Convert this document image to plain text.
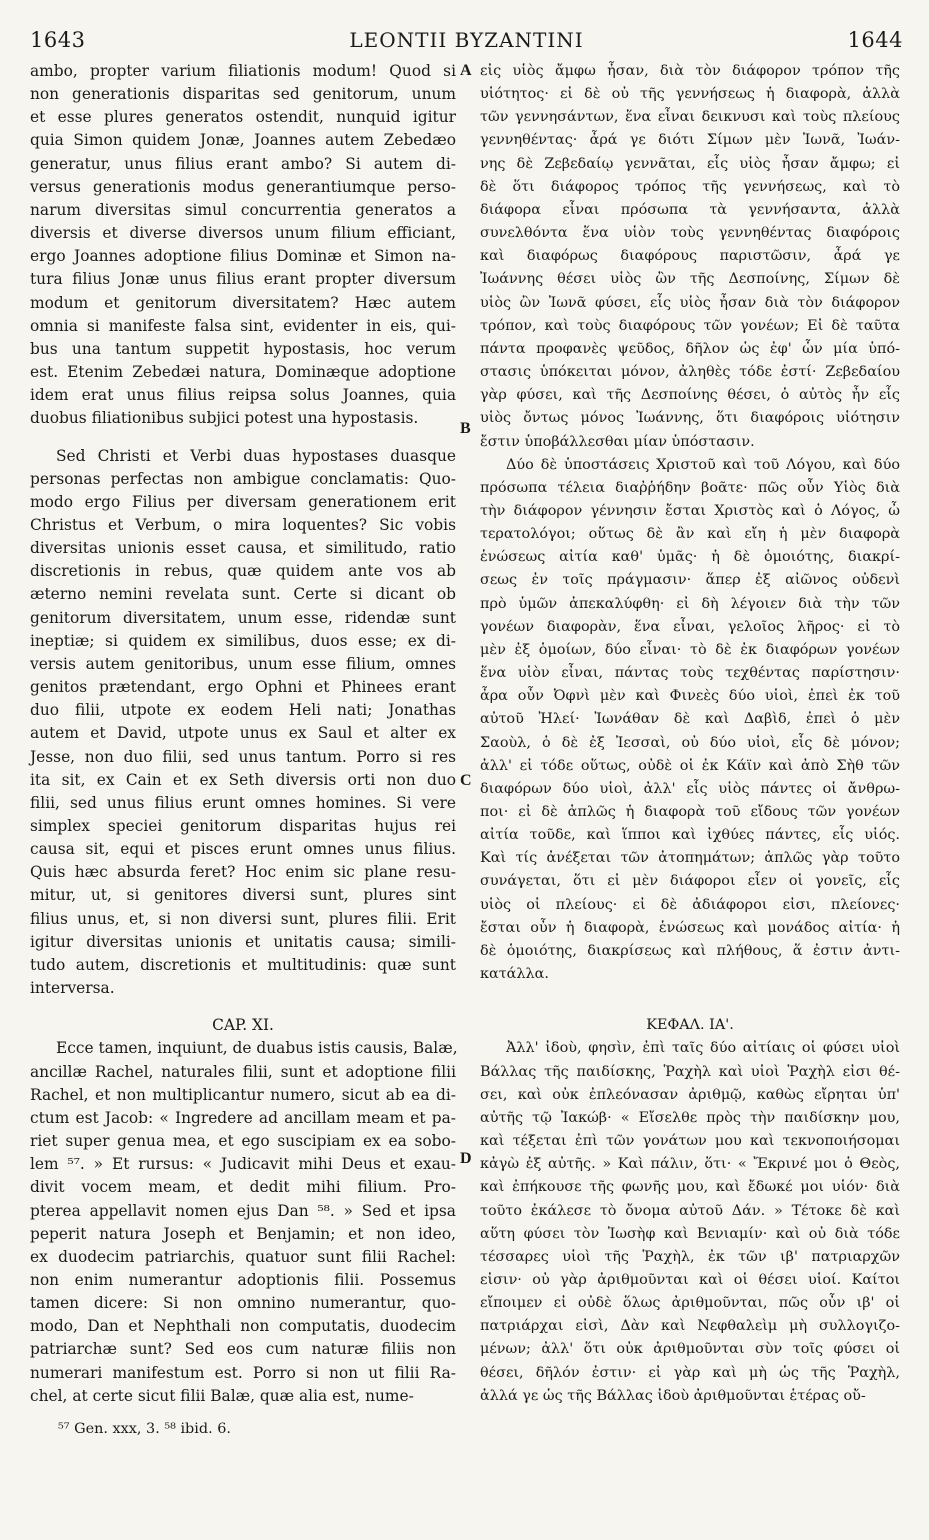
1643	LEONTII BYZANTINI	1644
A
B
C
D
ambo, propter varium filiationis modum! Quod si
non generationis disparitas sed genitorum, unum
et esse plures generatos ostendit, nunquid igitur
quia Simon quidem Jonæ, Joannes autem Zebedæo
generatur, unus filius erant ambo? Si autem di-
versus generationis modus generantiumque perso-
narum diversitas simul concurrentia generatos a
diversis et diverse diversos unum filium efficiant,
ergo Joannes adoptione filius Dominæ et Simon na-
tura filius Jonæ unus filius erant propter diversum
modum et genitorum diversitatem? Hæc autem
omnia si manifeste falsa sint, evidenter in eis, qui-
bus una tantum suppetit hypostasis, hoc verum
est. Etenim Zebedæi natura, Dominæque adoptione
idem erat unus filius reipsa solus Joannes, quia
duobus filiationibus subjici potest una hypostasis.
Sed Christi et Verbi duas hypostases duasque
personas perfectas non ambigue conclamatis: Quo-
modo ergo Filius per diversam generationem erit
Christus et Verbum, o mira loquentes? Sic vobis
diversitas unionis esset causa, et similitudo, ratio
discretionis in rebus, quæ quidem ante vos ab
æterno nemini revelata sunt. Certe si dicant ob
genitorum diversitatem, unum esse, ridendæ sunt
ineptiæ; si quidem ex similibus, duos esse; ex di-
versis autem genitoribus, unum esse filium, omnes
genitos prætendant, ergo Ophni et Phinees erant
duo filii, utpote ex eodem Heli nati; Jonathas
autem et David, utpote unus ex Saul et alter ex
Jesse, non duo filii, sed unus tantum. Porro si res
ita sit, ex Cain et ex Seth diversis orti non duo
filii, sed unus filius erunt omnes homines. Si vere
simplex speciei genitorum disparitas hujus rei
causa sit, equi et pisces erunt omnes unus filius.
Quis hæc absurda feret? Hoc enim sic plane resu-
mitur, ut, si genitores diversi sunt, plures sint
filius unus, et, si non diversi sunt, plures filii. Erit
igitur diversitas unionis et unitatis causa; simili-
tudo autem, discretionis et multitudinis: quæ sunt
interversa.
CAP. XI.
Ecce tamen, inquiunt, de duabus istis causis, Balæ,
ancillæ Rachel, naturales filii, sunt et adoptione filii
Rachel, et non multiplicantur numero, sicut ab ea di-
ctum est Jacob: « Ingredere ad ancillam meam et pa-
riet super genua mea, et ego suscipiam ex ea sobo-
lem ⁵⁷. » Et rursus: « Judicavit mihi Deus et exau-
divit vocem meam, et dedit mihi filium. Pro-
pterea appellavit nomen ejus Dan ⁵⁸. » Sed et ipsa
peperit natura Joseph et Benjamin; et non ideo,
ex duodecim patriarchis, quatuor sunt filii Rachel:
non enim numerantur adoptionis filii. Possemus
tamen dicere: Si non omnino numerantur, quo-
modo, Dan et Nephthali non computatis, duodecim
patriarchæ sunt? Sed eos cum naturæ filiis non
numerari manifestum est. Porro si non ut filii Ra-
chel, at certe sicut filii Balæ, quæ alia est, nume-
⁵⁷ Gen. xxx, 3. ⁵⁸ ibid. 6.
εἰς υἱὸς ἄμφω ἦσαν, διὰ τὸν διάφορον τρόπον τῆς
υἱότητος· εἰ δὲ οὐ τῆς γεννήσεως ἡ διαφορὰ, ἀλλὰ
τῶν γεννησάντων, ἕνα εἶναι δεικνυσι καὶ τοὺς πλείους
γεννηθέντας· ἆρά γε διότι Σίμων μὲν Ἰωνᾶ, Ἰωάν-
νης δὲ Ζεβεδαίῳ γεννᾶται, εἷς υἱὸς ἦσαν ἄμφω; εἰ
δὲ ὅτι διάφορος τρόπος τῆς γεννήσεως, καὶ τὸ
διάφορα εἶναι πρόσωπα τὰ γεννήσαντα, ἀλλὰ
συνελθόντα ἕνα υἱὸν τοὺς γεννηθέντας διαφόροις
καὶ διαφόρως διαφόρους παριστῶσιν, ἆρά γε
Ἰωάννης θέσει υἱὸς ὢν τῆς Δεσποίνης, Σίμων δὲ
υἱὸς ὢν Ἰωνᾶ φύσει, εἷς υἱὸς ἦσαν διὰ τὸν διάφορον
τρόπον, καὶ τοὺς διαφόρους τῶν γονέων; Εἰ δὲ ταῦτα
πάντα προφανὲς ψεῦδος, δῆλον ὡς ἐφ' ὧν μία ὑπό-
στασις ὑπόκειται μόνον, ἀληθὲς τόδε ἐστί· Ζεβεδαίου
γὰρ φύσει, καὶ τῆς Δεσποίνης θέσει, ὁ αὐτὸς ἦν εἷς
υἱὸς ὄντως μόνος Ἰωάννης, ὅτι διαφόροις υἱότησιν
ἔστιν ὑποβάλλεσθαι μίαν ὑπόστασιν.
Δύο δὲ ὑποστάσεις Χριστοῦ καὶ τοῦ Λόγου, καὶ δύο
πρόσωπα τέλεια διαῤῥήδην βοᾶτε· πῶς οὖν Υἱὸς διὰ
τὴν διάφορον γέννησιν ἔσται Χριστὸς καὶ ὁ Λόγος, ὦ
τερατολόγοι; οὕτως δὲ ἂν καὶ εἴη ἡ μὲν διαφορὰ
ἑνώσεως αἰτία καθ' ὑμᾶς· ἡ δὲ ὁμοιότης, διακρί-
σεως ἐν τοῖς πράγμασιν· ἅπερ ἐξ αἰῶνος οὐδενὶ
πρὸ ὑμῶν ἀπεκαλύφθη· εἰ δὴ λέγοιεν διὰ τὴν τῶν
γονέων διαφορὰν, ἕνα εἶναι, γελοῖος λῆρος· εἰ τὸ
μὲν ἐξ ὁμοίων, δύο εἶναι· τὸ δὲ ἐκ διαφόρων γονέων
ἕνα υἱὸν εἶναι, πάντας τοὺς τεχθέντας παρίστησιν·
ἆρα οὖν Ὀφνὶ μὲν καὶ Φινεὲς δύο υἱοὶ, ἐπεὶ ἐκ τοῦ
αὐτοῦ Ἠλεί· Ἰωνάθαν δὲ καὶ Δαβὶδ, ἐπεὶ ὁ μὲν
Σαοὺλ, ὁ δὲ ἐξ Ἰεσσαὶ, οὐ δύο υἱοὶ, εἷς δὲ μόνον;
ἀλλ' εἰ τόδε οὕτως, οὐδὲ οἱ ἐκ Κάϊν καὶ ἀπὸ Σὴθ τῶν
διαφόρων δύο υἱοὶ, ἀλλ' εἷς υἱὸς πάντες οἱ ἄνθρω-
ποι· εἰ δὲ ἁπλῶς ἡ διαφορὰ τοῦ εἴδους τῶν γονέων
αἰτία τοῦδε, καὶ ἵπποι καὶ ἰχθύες πάντες, εἷς υἱός.
Καὶ τίς ἀνέξεται τῶν ἀτοπημάτων; ἁπλῶς γὰρ τοῦτο
συνάγεται, ὅτι εἰ μὲν διάφοροι εἶεν οἱ γονεῖς, εἷς
υἱὸς οἱ πλείους· εἰ δὲ ἀδιάφοροι εἰσι, πλείονες·
ἔσται οὖν ἡ διαφορὰ, ἑνώσεως καὶ μονάδος αἰτία· ἡ
δὲ ὁμοιότης, διακρίσεως καὶ πλήθους, ἅ ἐστιν ἀντι-
κατάλλα.
ΚΕΦΑΛ. ΙΑ'.
Ἀλλ' ἰδοὺ, φησὶν, ἐπὶ ταῖς δύο αἰτίαις οἱ φύσει υἱοὶ
Βάλλας τῆς παιδίσκης, Ῥαχὴλ καὶ υἱοὶ Ῥαχὴλ εἰσι θέ-
σει, καὶ οὐκ ἐπλεόνασαν ἀριθμῷ, καθὼς εἴρηται ὑπ'
αὐτῆς τῷ Ἰακώβ· « Εἴσελθε πρὸς τὴν παιδίσκην μου,
καὶ τέξεται ἐπὶ τῶν γονάτων μου καὶ τεκνοποιήσομαι
κἀγὼ ἐξ αὐτῆς. » Καὶ πάλιν, ὅτι· « Ἔκρινέ μοι ὁ Θεὸς,
καὶ ἐπήκουσε τῆς φωνῆς μου, καὶ ἔδωκέ μοι υἱόν· διὰ
τοῦτο ἐκάλεσε τὸ ὄνομα αὐτοῦ Δάν. » Τέτοκε δὲ καὶ
αὕτη φύσει τὸν Ἰωσὴφ καὶ Βενιαμίν· καὶ οὐ διὰ τόδε
τέσσαρες υἱοὶ τῆς Ῥαχὴλ, ἐκ τῶν ιβ' πατριαρχῶν
εἰσιν· οὐ γὰρ ἀριθμοῦνται καὶ οἱ θέσει υἱοί. Καίτοι
εἴποιμεν εἰ οὐδὲ ὅλως ἀριθμοῦνται, πῶς οὖν ιβ' οἱ
πατριάρχαι εἰσὶ, Δὰν καὶ Νεφθαλεὶμ μὴ συλλογιζο-
μένων; ἀλλ' ὅτι οὐκ ἀριθμοῦνται σὺν τοῖς φύσει οἱ
θέσει, δῆλόν ἐστιν· εἰ γὰρ καὶ μὴ ὡς τῆς Ῥαχὴλ,
ἀλλά γε ὡς τῆς Βάλλας ἰδοὺ ἀριθμοῦνται ἑτέρας οὔ-
